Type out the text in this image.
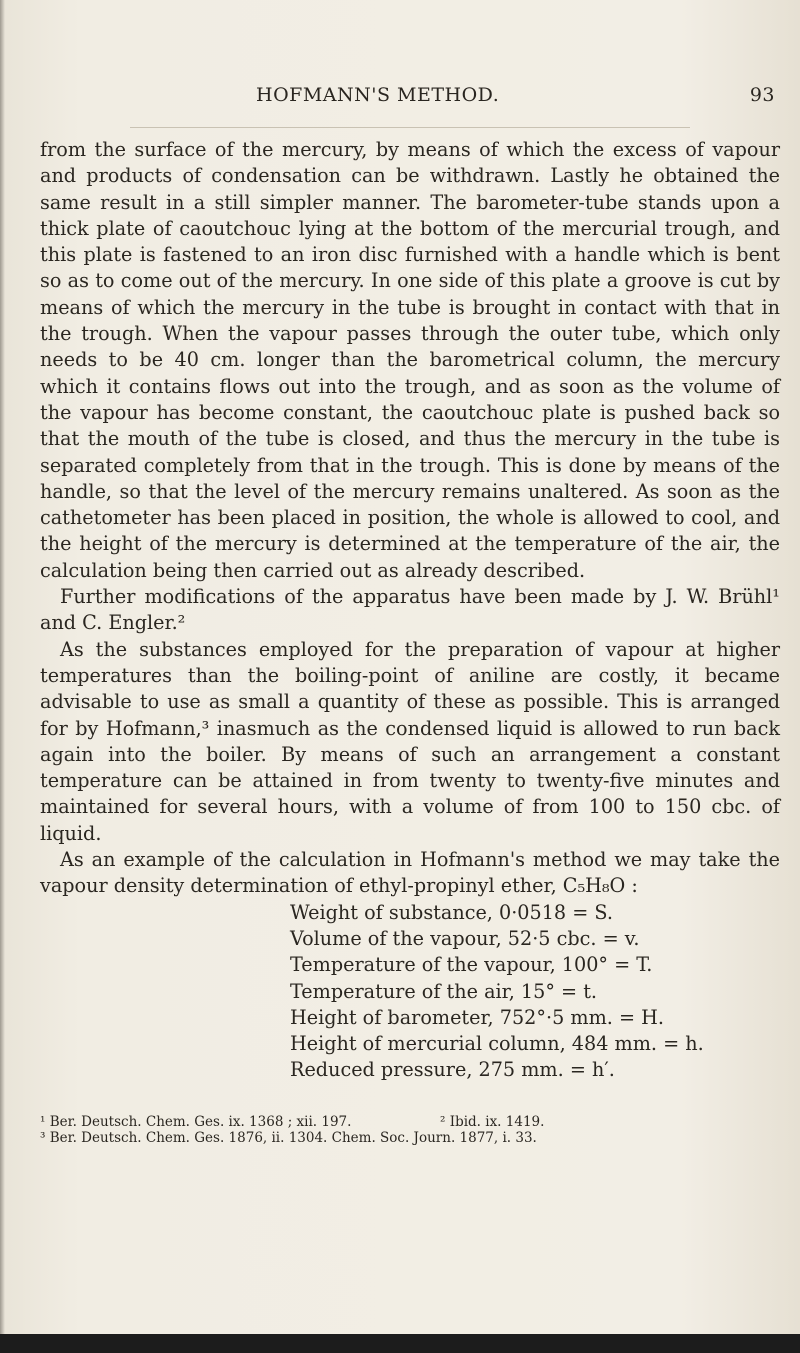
HOFMANN'S METHOD.	93

from the surface of the mercury, by means of which the excess of vapour and products of condensation can be withdrawn. Lastly he obtained the same result in a still simpler manner. The barometer-tube stands upon a thick plate of caoutchouc lying at the bottom of the mercurial trough, and this plate is fastened to an iron disc furnished with a handle which is bent so as to come out of the mercury. In one side of this plate a groove is cut by means of which the mercury in the tube is brought in contact with that in the trough. When the vapour passes through the outer tube, which only needs to be 40 cm. longer than the barometrical column, the mercury which it contains flows out into the trough, and as soon as the volume of the vapour has become constant, the caoutchouc plate is pushed back so that the mouth of the tube is closed, and thus the mercury in the tube is separated completely from that in the trough. This is done by means of the handle, so that the level of the mercury remains unaltered. As soon as the cathetometer has been placed in position, the whole is allowed to cool, and the height of the mercury is determined at the temperature of the air, the calculation being then carried out as already described.

Further modifications of the apparatus have been made by J. W. Brühl¹ and C. Engler.²

As the substances employed for the preparation of vapour at higher temperatures than the boiling-point of aniline are costly, it became advisable to use as small a quantity of these as possible. This is arranged for by Hofmann,³ inasmuch as the condensed liquid is allowed to run back again into the boiler. By means of such an arrangement a constant temperature can be attained in from twenty to twenty-five minutes and maintained for several hours, with a volume of from 100 to 150 cbc. of liquid.

As an example of the calculation in Hofmann's method we may take the vapour density determination of ethyl-propinyl ether, C₅H₈O :

Weight of substance, 0·0518 = S.
Volume of the vapour, 52·5 cbc. = v.
Temperature of the vapour, 100° = T.
Temperature of the air, 15° = t.
Height of barometer, 752°·5 mm. = H.
Height of mercurial column, 484 mm. = h.
Reduced pressure, 275 mm. = h′.
¹ Ber. Deutsch. Chem. Ges. ix. 1368 ; xii. 197.	² Ibid. ix. 1419.
³ Ber. Deutsch. Chem. Ges. 1876, ii. 1304. Chem. Soc. Journ. 1877, i. 33.
